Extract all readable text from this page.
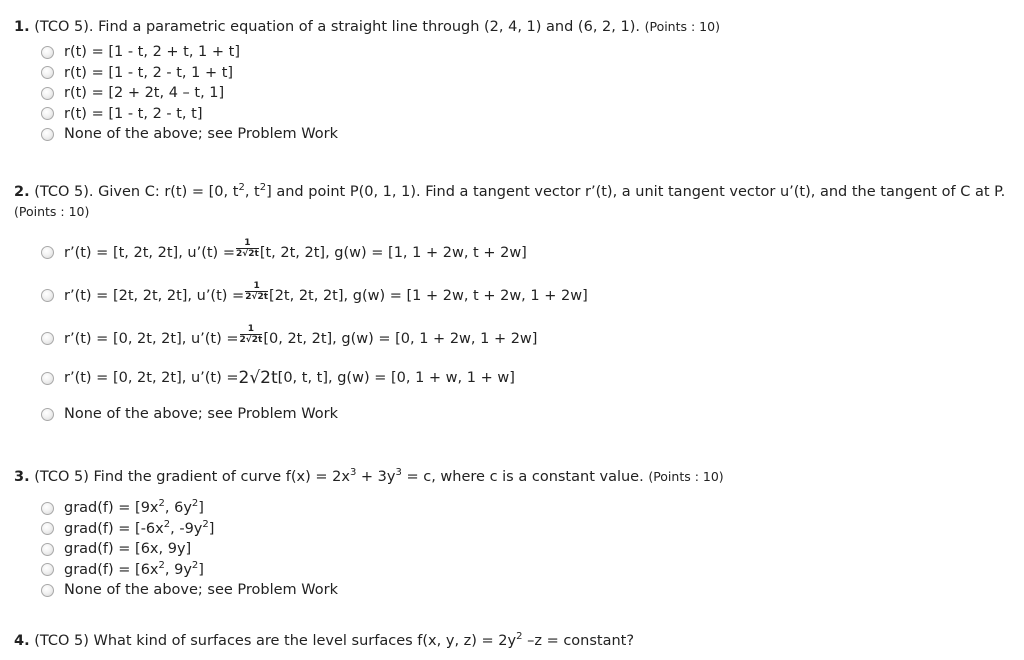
1. (TCO 5). Find a parametric equation of a straight line through (2, 4, 1) and (6, 2, 1). (Points : 10)
r(t) = [1 - t, 2 + t, 1 + t]
r(t) = [1 - t, 2 - t, 1 + t]
r(t) = [2 + 2t, 4 – t, 1]
r(t) = [1 - t, 2 - t, t]
None of the above; see Problem Work
2. (TCO 5). Given C: r(t) = [0, $t^2$, $t^2$] and point P(0, 1, 1). Find a tangent vector r’(t), a unit tangent vector u’(t), and the tangent of C at P. (Points : 10)
r’(t) = [t, 2t, 2t], u’(t) = $\frac{1}{2√2t} [t$, 2t, 2t], g(w) = [1, 1 + 2w, t + 2w]
r’(t) = [2t, 2t, 2t], u’(t) = $\frac{1}{2√2t} [2t$, 2t, 2t], g(w) = [1 + 2w, t + 2w, 1 + 2w]
r’(t) = [0, 2t, 2t], u’(t) = $\frac{1}{2√2t} [0$, 2t, 2t], g(w) = [0, 1 + 2w, 1 + 2w]
r’(t) = [0, 2t, 2t], u’(t) = 2√2t [0, t, t], g(w) = [0, 1 + w, 1 + w]
None of the above; see Problem Work
3. (TCO 5) Find the gradient of curve $f(x) = 2x^3 + 3y^3 = c$, where c is a constant value. (Points : 10)
grad(f) = [$9x^2$, $6y^2$]
grad(f) = [$-6x^2$, $-9y^2$]
grad(f) = [6x, 9y]
grad(f) = [$6x^2$, $9y^2$]
None of the above; see Problem Work
4. (TCO 5) What kind of surfaces are the level surfaces f(x, y, $z) = 2y^2$ –z = constant?
